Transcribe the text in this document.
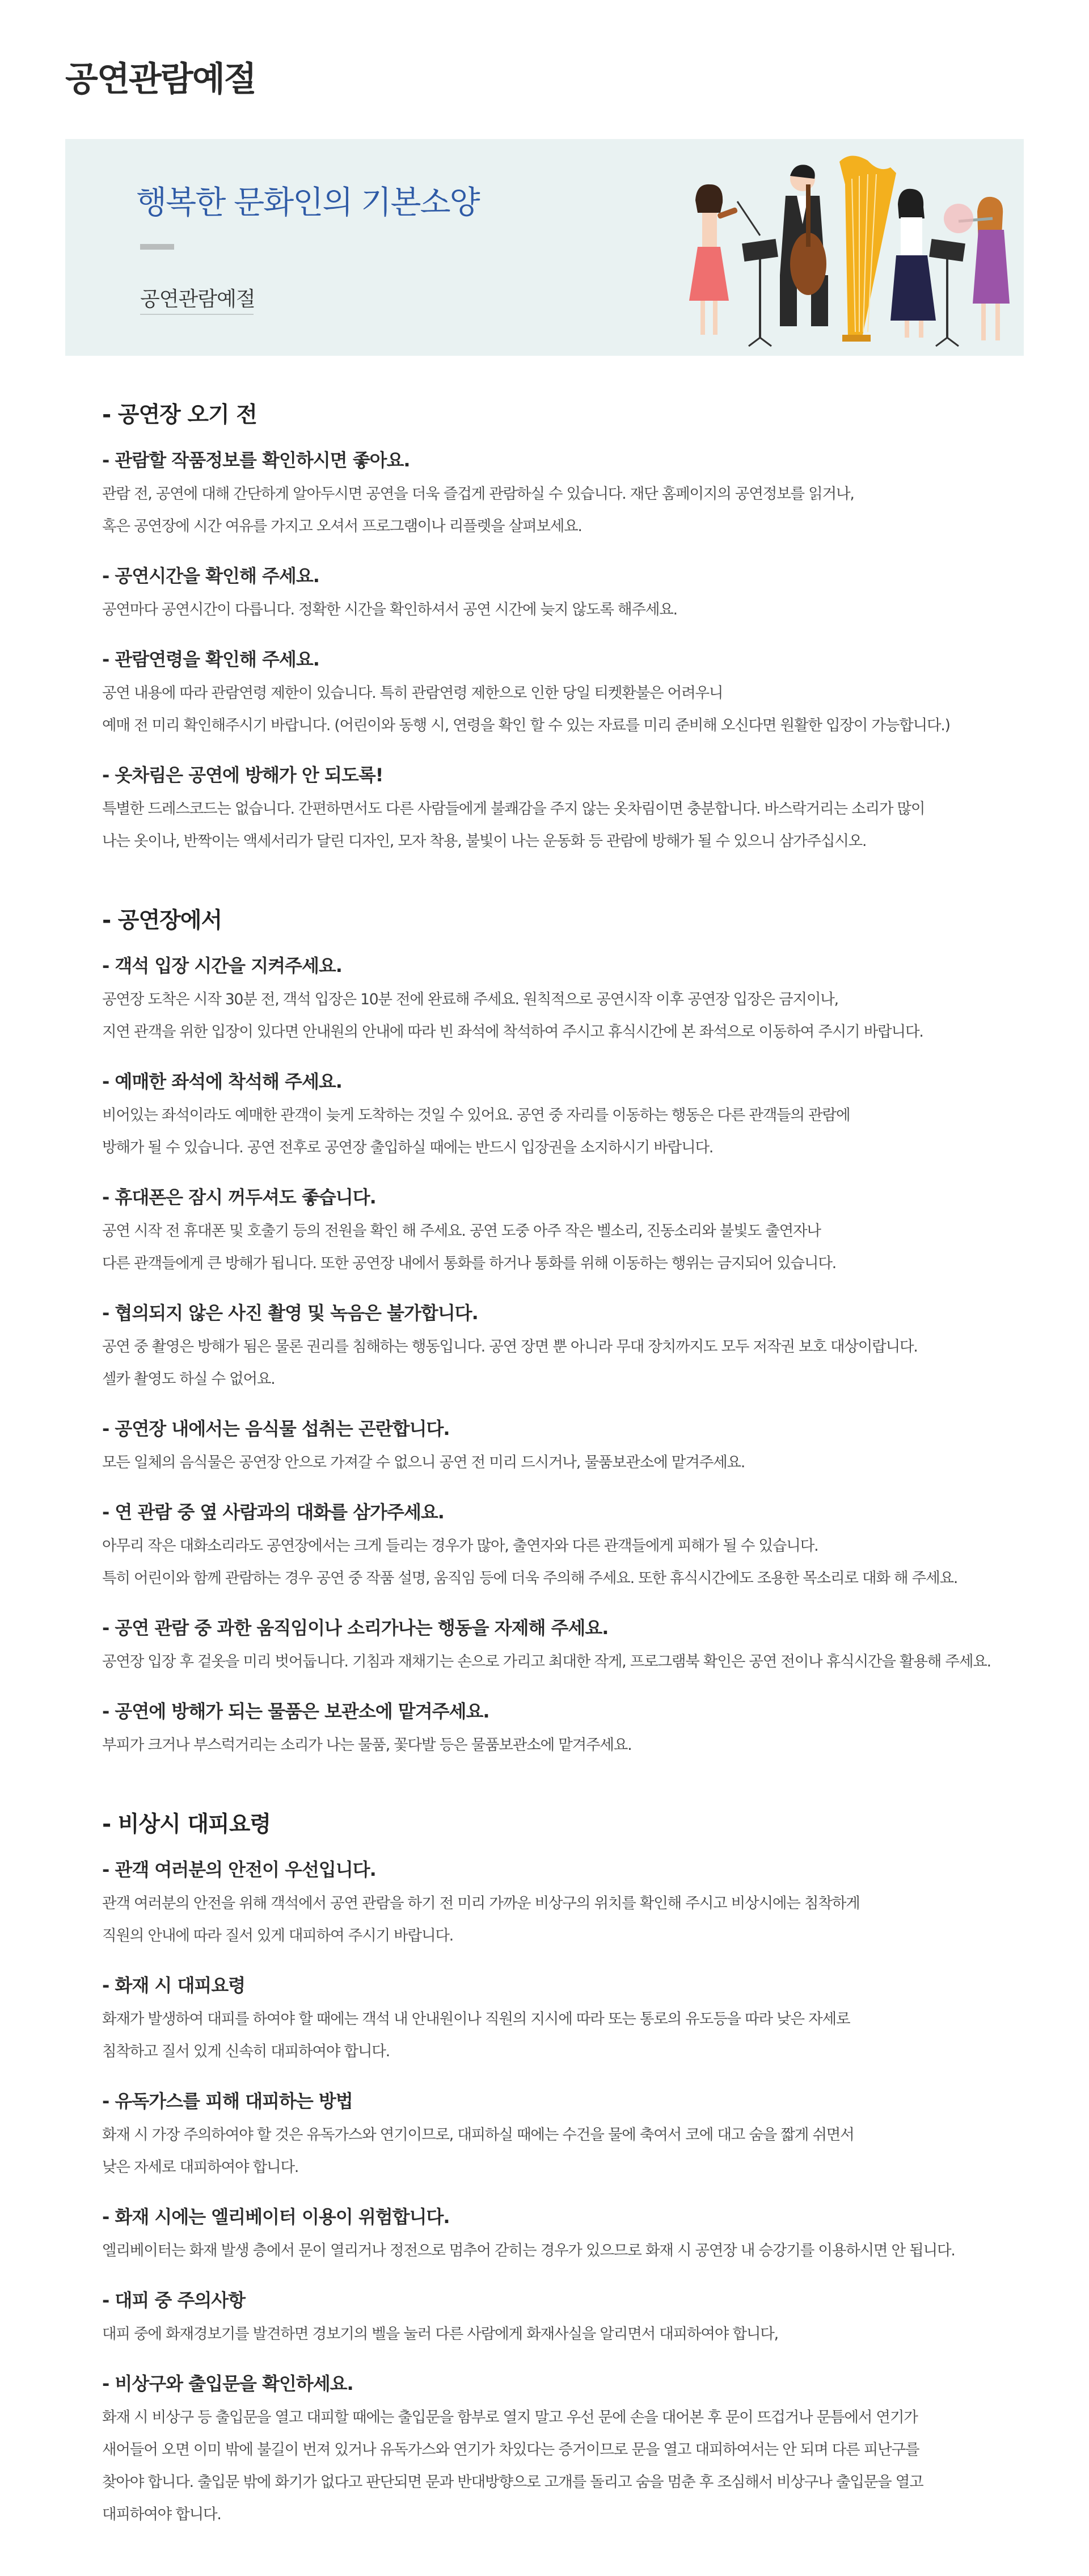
공연관람예절
행복한 문화인의 기본소양
공연관람예절
- 공연장 오기 전
- 관람할 작품정보를 확인하시면 좋아요.

관람 전, 공연에 대해 간단하게 알아두시면 공연을 더욱 즐겁게 관람하실 수 있습니다. 재단 홈페이지의 공연정보를 읽거나,
혹은 공연장에 시간 여유를 가지고 오셔서 프로그램이나 리플렛을 살펴보세요.

- 공연시간을 확인해 주세요.

공연마다 공연시간이 다릅니다. 정확한 시간을 확인하셔서 공연 시간에 늦지 않도록 해주세요.

- 관람연령을 확인해 주세요.

공연 내용에 따라 관람연령 제한이 있습니다. 특히 관람연령 제한으로 인한 당일 티켓환불은 어려우니
예매 전 미리 확인해주시기 바랍니다. (어린이와 동행 시, 연령을 확인 할 수 있는 자료를 미리 준비해 오신다면 원활한 입장이 가능합니다.)

- 옷차림은 공연에 방해가 안 되도록!

특별한 드레스코드는 없습니다. 간편하면서도 다른 사람들에게 불쾌감을 주지 않는 옷차림이면 충분합니다. 바스락거리는 소리가 많이
나는 옷이나, 반짝이는 액세서리가 달린 디자인, 모자 착용, 불빛이 나는 운동화 등 관람에 방해가 될 수 있으니 삼가주십시오.

- 공연장에서
- 객석 입장 시간을 지켜주세요.

공연장 도착은 시작 30분 전, 객석 입장은 10분 전에 완료해 주세요. 원칙적으로 공연시작 이후 공연장 입장은 금지이나,
지연 관객을 위한 입장이 있다면 안내원의 안내에 따라 빈 좌석에 착석하여 주시고 휴식시간에 본 좌석으로 이동하여 주시기 바랍니다.

- 예매한 좌석에 착석해 주세요.

비어있는 좌석이라도 예매한 관객이 늦게 도착하는 것일 수 있어요. 공연 중 자리를 이동하는 행동은 다른 관객들의 관람에
방해가 될 수 있습니다. 공연 전후로 공연장 출입하실 때에는 반드시 입장권을 소지하시기 바랍니다.

- 휴대폰은 잠시 꺼두셔도 좋습니다.

공연 시작 전 휴대폰 및 호출기 등의 전원을 확인 해 주세요. 공연 도중 아주 작은 벨소리, 진동소리와 불빛도 출연자나
다른 관객들에게 큰 방해가 됩니다. 또한 공연장 내에서 통화를 하거나 통화를 위해 이동하는 행위는 금지되어 있습니다.

- 협의되지 않은 사진 촬영 및 녹음은 불가합니다.

공연 중 촬영은 방해가 됨은 물론 권리를 침해하는 행동입니다. 공연 장면 뿐 아니라 무대 장치까지도 모두 저작권 보호 대상이랍니다.
셀카 촬영도 하실 수 없어요.

- 공연장 내에서는 음식물 섭취는 곤란합니다.

모든 일체의 음식물은 공연장 안으로 가져갈 수 없으니 공연 전 미리 드시거나, 물품보관소에 맡겨주세요.

- 연 관람 중 옆 사람과의 대화를 삼가주세요.

아무리 작은 대화소리라도 공연장에서는 크게 들리는 경우가 많아, 출연자와 다른 관객들에게 피해가 될 수 있습니다.
특히 어린이와 함께 관람하는 경우 공연 중 작품 설명, 움직임 등에 더욱 주의해 주세요. 또한 휴식시간에도 조용한 목소리로 대화 해 주세요.

- 공연 관람 중 과한 움직임이나 소리가나는 행동을 자제해 주세요.

공연장 입장 후 겉옷을 미리 벗어둡니다. 기침과 재채기는 손으로 가리고 최대한 작게, 프로그램북 확인은 공연 전이나 휴식시간을 활용해 주세요.

- 공연에 방해가 되는 물품은 보관소에 맡겨주세요.

부피가 크거나 부스럭거리는 소리가 나는 물품, 꽃다발 등은 물품보관소에 맡겨주세요.

- 비상시 대피요령
- 관객 여러분의 안전이 우선입니다.

관객 여러분의 안전을 위해 객석에서 공연 관람을 하기 전 미리 가까운 비상구의 위치를 확인해 주시고 비상시에는 침착하게
직원의 안내에 따라 질서 있게 대피하여 주시기 바랍니다.

- 화재 시 대피요령

화재가 발생하여 대피를 하여야 할 때에는 객석 내 안내원이나 직원의 지시에 따라 또는 통로의 유도등을 따라 낮은 자세로
침착하고 질서 있게 신속히 대피하여야 합니다.

- 유독가스를 피해 대피하는 방법

화재 시 가장 주의하여야 할 것은 유독가스와 연기이므로, 대피하실 때에는 수건을 물에 축여서 코에 대고 숨을 짧게 쉬면서
낮은 자세로 대피하여야 합니다.

- 화재 시에는 엘리베이터 이용이 위험합니다.

엘리베이터는 화재 발생 층에서 문이 열리거나 정전으로 멈추어 갇히는 경우가 있으므로 화재 시 공연장 내 승강기를 이용하시면 안 됩니다.

- 대피 중 주의사항

대피 중에 화재경보기를 발견하면 경보기의 벨을 눌러 다른 사람에게 화재사실을 알리면서 대피하여야 합니다,

- 비상구와 출입문을 확인하세요.

화재 시 비상구 등 출입문을 열고 대피할 때에는 출입문을 함부로 열지 말고 우선 문에 손을 대어본 후 문이 뜨겁거나 문틈에서 연기가
새어들어 오면 이미 밖에 불길이 번져 있거나 유독가스와 연기가 차있다는 증거이므로 문을 열고 대피하여서는 안 되며 다른 피난구를
찾아야 합니다. 출입문 밖에 화기가 없다고 판단되면 문과 반대방향으로 고개를 돌리고 숨을 멈춘 후 조심해서 비상구나 출입문을 열고
대피하여야 합니다.
